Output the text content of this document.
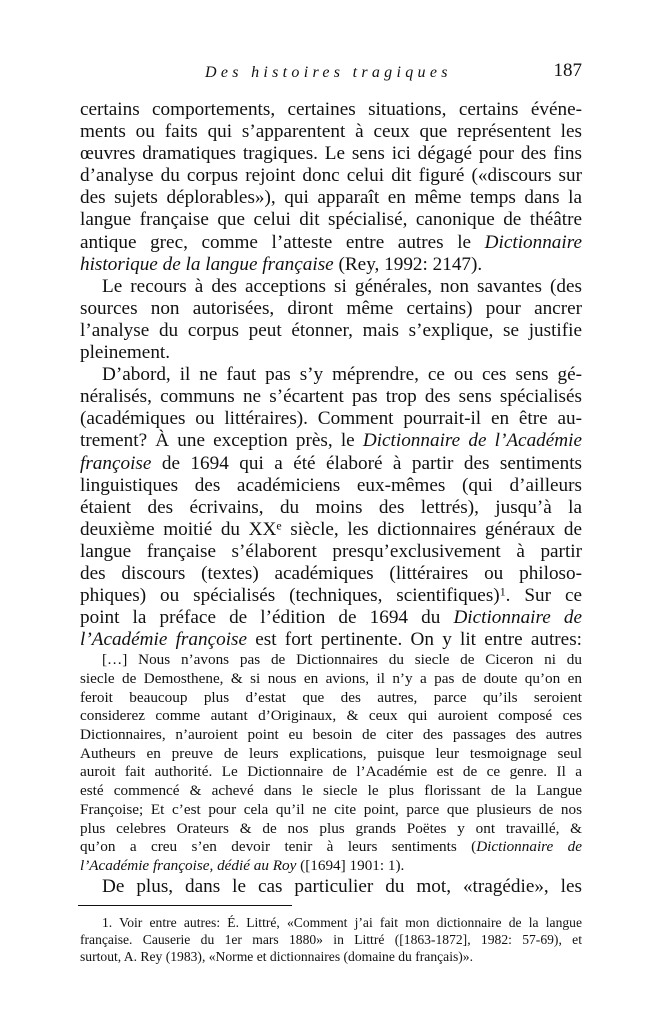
Des histoires tragiques	187
certains comportements, certaines situations, certains événe-
ments ou faits qui s’apparentent à ceux que représentent les
œuvres dramatiques tragiques. Le sens ici dégagé pour des fins
d’analyse du corpus rejoint donc celui dit figuré («discours sur
des sujets déplorables»), qui apparaît en même temps dans la
langue française que celui dit spécialisé, canonique de théâtre
antique grec, comme l’atteste entre autres le Dictionnaire
historique de la langue française (Rey, 1992: 2147).
Le recours à des acceptions si générales, non savantes (des
sources non autorisées, diront même certains) pour ancrer
l’analyse du corpus peut étonner, mais s’explique, se justifie
pleinement.
D’abord, il ne faut pas s’y méprendre, ce ou ces sens gé-
néralisés, communs ne s’écartent pas trop des sens spécialisés
(académiques ou littéraires). Comment pourrait-il en être au-
trement? À une exception près, le Dictionnaire de l’Académie
françoise de 1694 qui a été élaboré à partir des sentiments
linguistiques des académiciens eux-mêmes (qui d’ailleurs
étaient des écrivains, du moins des lettrés), jusqu’à la
deuxième moitié du XXe siècle, les dictionnaires généraux de
langue française s’élaborent presqu’exclusivement à partir
des discours (textes) académiques (littéraires ou philoso-
phiques) ou spécialisés (techniques, scientifiques)$^1$. Sur ce
point la préface de l’édition de 1694 du Dictionnaire de
l’Académie françoise est fort pertinente. On y lit entre autres:
[…] Nous n’avons pas de Dictionnaires du siecle de Ciceron ni du
siecle de Demosthene, & si nous en avions, il n’y a pas de doute qu’on en
feroit beaucoup plus d’estat que des autres, parce qu’ils seroient
considerez comme autant d’Originaux, & ceux qui auroient composé ces
Dictionnaires, n’auroient point eu besoin de citer des passages des autres
Autheurs en preuve de leurs explications, puisque leur tesmoignage seul
auroit fait authorité. Le Dictionnaire de l’Académie est de ce genre. Il a
esté commencé & achevé dans le siecle le plus florissant de la Langue
Françoise; Et c’est pour cela qu’il ne cite point, parce que plusieurs de nos
plus celebres Orateurs & de nos plus grands Poëtes y ont travaillé, &
qu’on a creu s’en devoir tenir à leurs sentiments (Dictionnaire de
l’Académie françoise, dédié au Roy ([1694] 1901: 1).
De plus, dans le cas particulier du mot, «tragédie», les
1. Voir entre autres: É. Littré, «Comment j’ai fait mon dictionnaire de la langue
française. Causerie du 1er mars 1880» in Littré ([1863-1872], 1982: 57-69), et
surtout, A. Rey (1983), «Norme et dictionnaires (domaine du français)».
